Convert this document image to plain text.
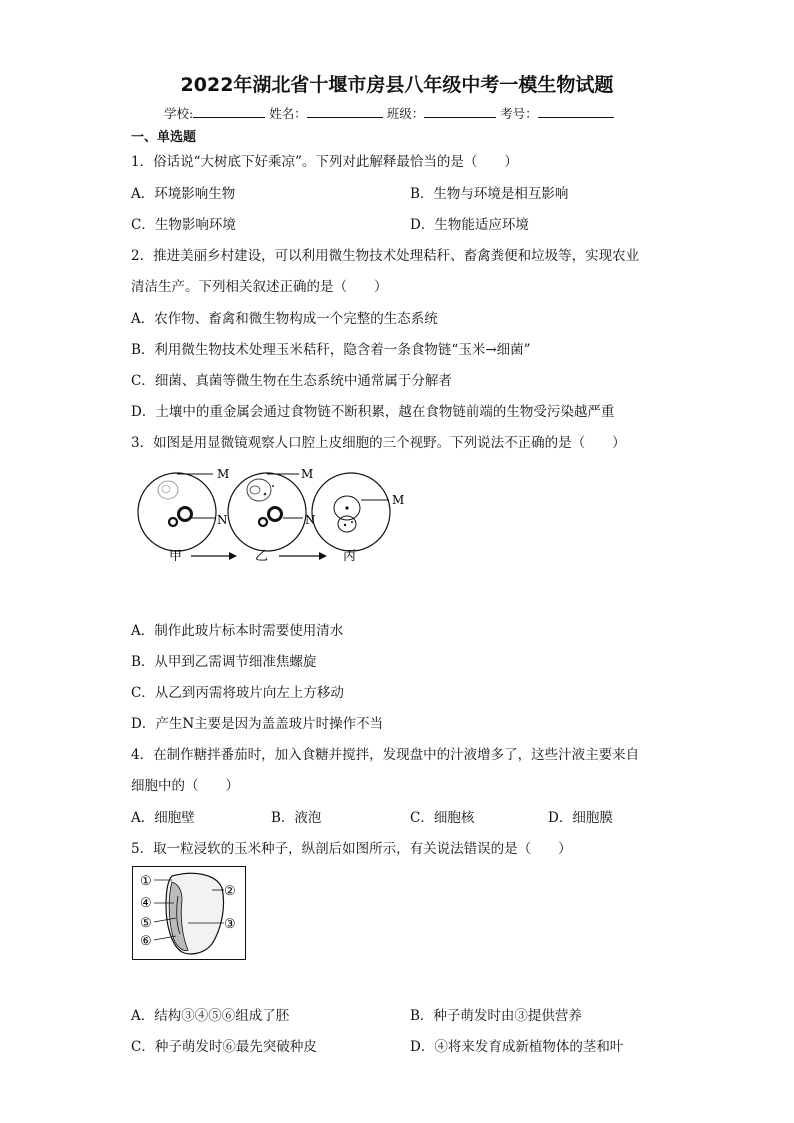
2022年湖北省十堰市房县八年级中考一模生物试题
学校:	姓名：	班级：	考号：
一、单选题
1．俗话说“大树底下好乘凉”。下列对此解释最恰当的是（　　）
A．环境影响生物	B．生物与环境是相互影响
C．生物影响环境	D．生物能适应环境
2．推进美丽乡村建设，可以利用微生物技术处理秸秆、畜禽粪便和垃圾等，实现农业
清洁生产。下列相关叙述正确的是（　　）
A．农作物、畜禽和微生物构成一个完整的生态系统
B．利用微生物技术处理玉米秸秆，隐含着一条食物链“玉米→细菌”
C．细菌、真菌等微生物在生态系统中通常属于分解者
D．土壤中的重金属会通过食物链不断积累，越在食物链前端的生物受污染越严重
3．如图是用显微镜观察人口腔上皮细胞的三个视野。下列说法不正确的是（　　）
M
N
M
N
M
甲	乙	丙
A．制作此玻片标本时需要使用清水
B．从甲到乙需调节细准焦螺旋
C．从乙到丙需将玻片向左上方移动
D．产生N主要是因为盖盖玻片时操作不当
4．在制作糖拌番茄时，加入食糖并搅拌，发现盘中的汁液增多了，这些汁液主要来自
细胞中的（　　）
A．细胞壁	B．液泡	C．细胞核	D．细胞膜
5．取一粒浸软的玉米种子，纵剖后如图所示，有关说法错误的是（　　）
①
②
④
⑤	③
⑥
A．结构③④⑤⑥组成了胚	B．种子萌发时由③提供营养
C．种子萌发时⑥最先突破种皮	D．④将来发育成新植物体的茎和叶
